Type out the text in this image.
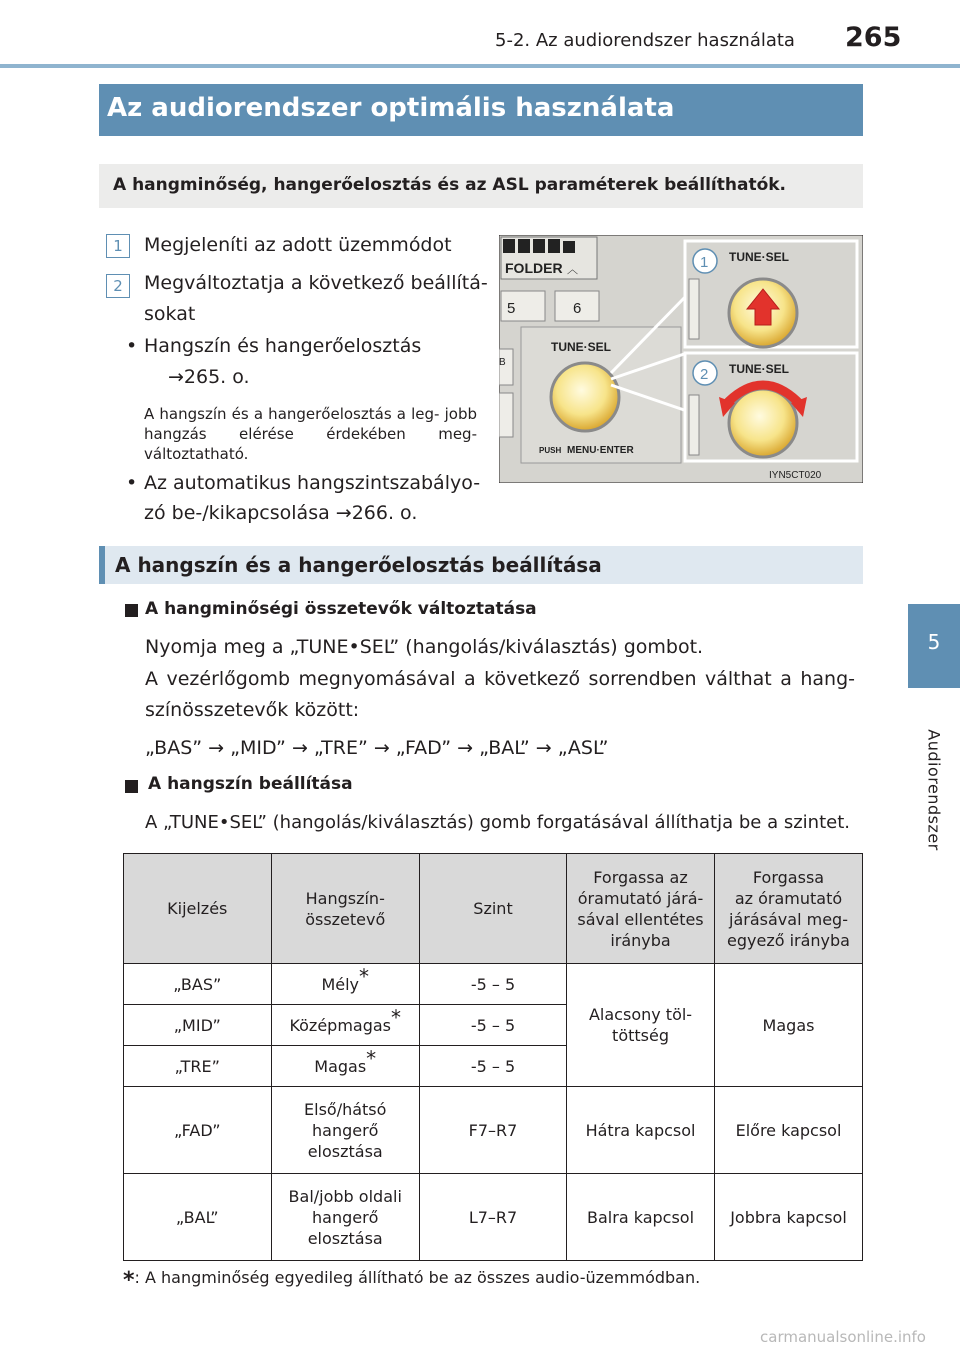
5-2. Az audiorendszer használata 265
5
Audiorendszer
Az audiorendszer optimális használata
A hangminőség, hangerőelosztás és az ASL paraméterek beállíthatók.
1	Megjeleníti az adott üzemmódot
2	Megváltoztatja a következő beállítá-
sokat
• Hangszín és hangerőelosztás
→265. o.
A hangszín és a hangerőelosztás a leg- jobb hangzás elérése érdekében meg- változtatható.
• Az automatikus hangszintszabályo-
zó be-/kikapcsolása →266. o.
FOLDER ︿
5	6
B
TUNE·SEL
PUSH MENU·ENTER
TUNE·SEL
1
TUNE·SEL
2
IYN5CT020
A hangszín és a hangerőelosztás beállítása
A hangminőségi összetevők változtatása
Nyomja meg a „TUNE•SEL” (hangolás/kiválasztás) gombot.
A vezérlőgomb megnyomásával a következő sorrendben válthat a hang-
színösszetevők között:
„BAS” → „MID” → „TRE” → „FAD” → „BAL” → „ASL”
A hangszín beállítása
A „TUNE•SEL” (hangolás/kiválasztás) gomb forgatásával állíthatja be a szintet.
Kijelzés	Hangszín-
összetevő	Szint	Forgassa az
óramutató járá-
sával ellentétes
irányba	Forgassa
az óramutató
járásával meg-
egyező irányba
„BAS”	Mély*	-5 – 5	Alacsony töl-
töttség	Magas
„MID”	Középmagas*	-5 – 5		
„TRE”	Magas*	-5 – 5		
„FAD”	Első/hátsó
hangerő
elosztása	F7–R7	Hátra kapcsol	Előre kapcsol
„BAL”	Bal/jobb oldali
hangerő
elosztása	L7–R7	Balra kapcsol	Jobbra kapcsol
*: A hangminőség egyedileg állítható be az összes audio-üzemmódban.
carmanualsonline.info
